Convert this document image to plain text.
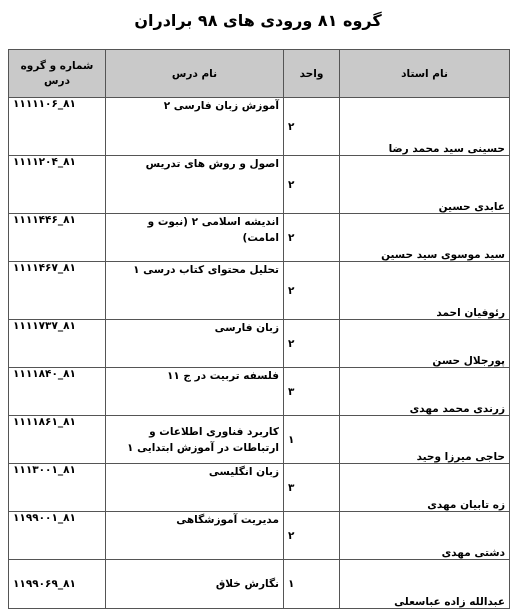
گروه ۸۱ ورودی های ۹۸ برادران
نام استاد	واحد	نام درس	شماره و گروه درس
حسینی سید محمد رضا	۲	آموزش زبان فارسی ۲	۱۱۱۱۱۰۶_۸۱
عابدی حسین	۲	اصول و روش های تدریس	۱۱۱۱۲۰۴_۸۱
سید موسوی سید حسین	۲	اندیشه اسلامی ۲ (نبوت و امامت)	۱۱۱۱۴۴۶_۸۱
رئوفیان احمد	۲	تحلیل محتوای کتاب درسی ۱	۱۱۱۱۴۶۷_۸۱
پورجلال حسن	۲	زبان فارسی	۱۱۱۱۷۳۷_۸۱
زرندی محمد مهدی	۳	فلسفه تربیت در ج ۱۱	۱۱۱۱۸۴۰_۸۱
حاجی میرزا وحید	۱	کاربرد فناوری اطلاعات و ارتباطات در آموزش ابتدایی ۱	۱۱۱۱۸۶۱_۸۱
زه تابیان مهدی	۳	زبان انگلیسی	۱۱۱۳۰۰۱_۸۱
دشتی مهدی	۲	مدیریت آموزشگاهی	۱۱۹۹۰۰۱_۸۱
عبدالله زاده عباسعلی	۱	نگارش خلاق	۱۱۹۹۰۶۹_۸۱
